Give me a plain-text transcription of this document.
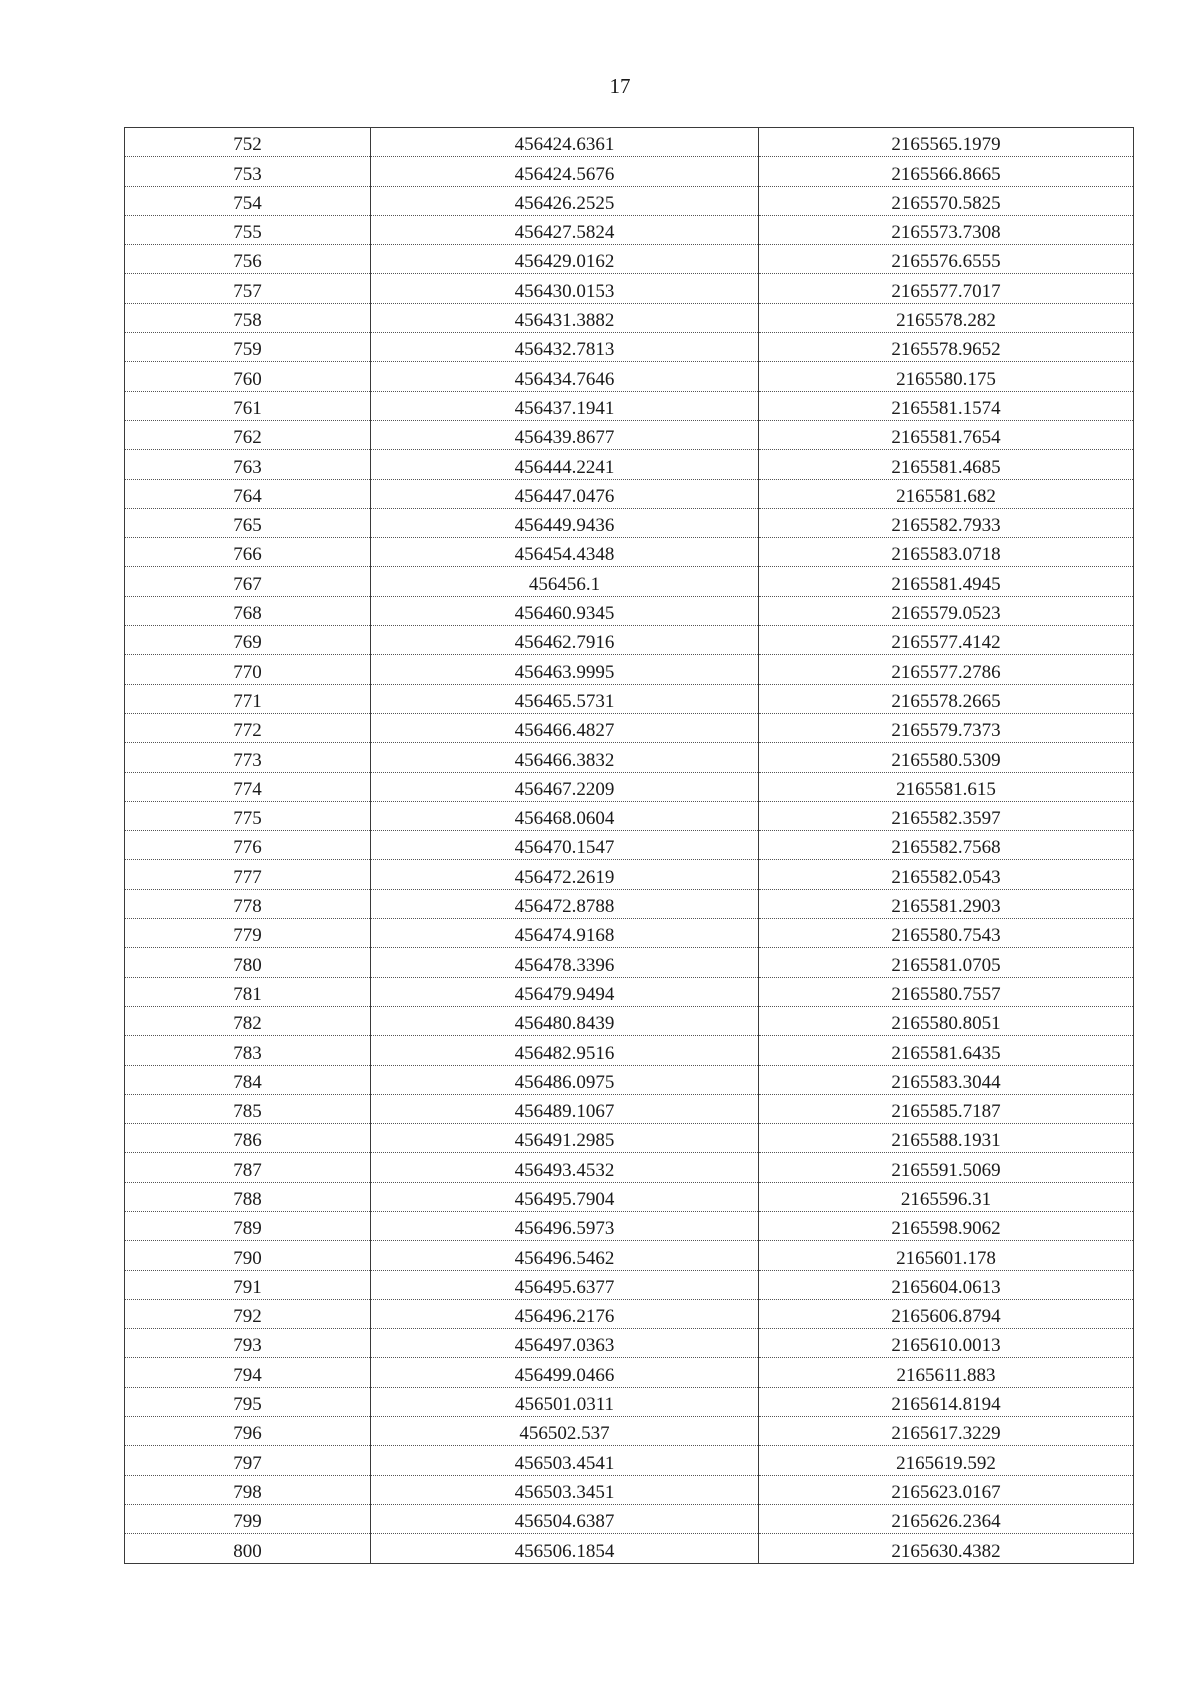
17
752	456424.6361	2165565.1979
753	456424.5676	2165566.8665
754	456426.2525	2165570.5825
755	456427.5824	2165573.7308
756	456429.0162	2165576.6555
757	456430.0153	2165577.7017
758	456431.3882	2165578.282
759	456432.7813	2165578.9652
760	456434.7646	2165580.175
761	456437.1941	2165581.1574
762	456439.8677	2165581.7654
763	456444.2241	2165581.4685
764	456447.0476	2165581.682
765	456449.9436	2165582.7933
766	456454.4348	2165583.0718
767	456456.1	2165581.4945
768	456460.9345	2165579.0523
769	456462.7916	2165577.4142
770	456463.9995	2165577.2786
771	456465.5731	2165578.2665
772	456466.4827	2165579.7373
773	456466.3832	2165580.5309
774	456467.2209	2165581.615
775	456468.0604	2165582.3597
776	456470.1547	2165582.7568
777	456472.2619	2165582.0543
778	456472.8788	2165581.2903
779	456474.9168	2165580.7543
780	456478.3396	2165581.0705
781	456479.9494	2165580.7557
782	456480.8439	2165580.8051
783	456482.9516	2165581.6435
784	456486.0975	2165583.3044
785	456489.1067	2165585.7187
786	456491.2985	2165588.1931
787	456493.4532	2165591.5069
788	456495.7904	2165596.31
789	456496.5973	2165598.9062
790	456496.5462	2165601.178
791	456495.6377	2165604.0613
792	456496.2176	2165606.8794
793	456497.0363	2165610.0013
794	456499.0466	2165611.883
795	456501.0311	2165614.8194
796	456502.537	2165617.3229
797	456503.4541	2165619.592
798	456503.3451	2165623.0167
799	456504.6387	2165626.2364
800	456506.1854	2165630.4382
